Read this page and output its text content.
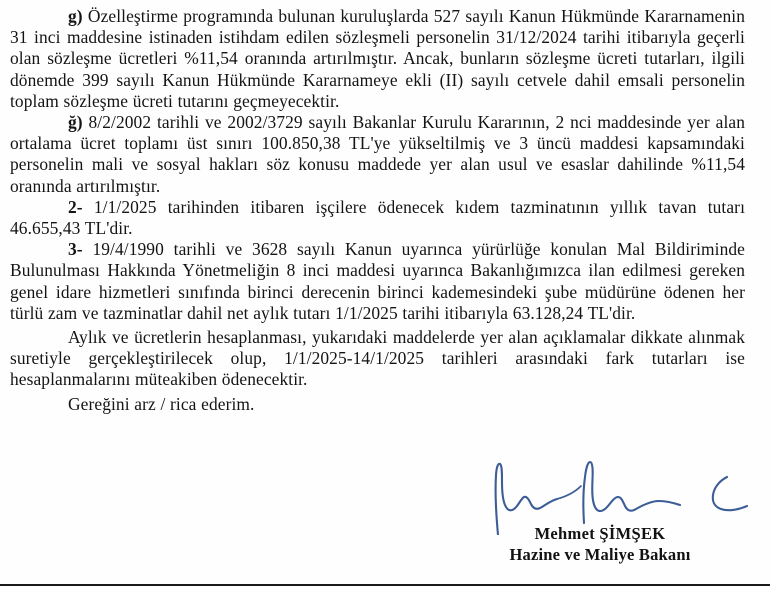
g) Özelleştirme programında bulunan kuruluşlarda 527 sayılı Kanun Hükmünde Kararnamenin 31 inci maddesine istinaden istihdam edilen sözleşmeli personelin 31/12/2024 tarihi itibarıyla geçerli olan sözleşme ücretleri %11,54 oranında artırılmıştır. Ancak, bunların sözleşme ücreti tutarları, ilgili dönemde 399 sayılı Kanun Hükmünde Kararnameye ekli (II) sayılı cetvele dahil emsali personelin toplam sözleşme ücreti tutarını geçmeyecektir.

ğ) 8/2/2002 tarihli ve 2002/3729 sayılı Bakanlar Kurulu Kararının, 2 nci maddesinde yer alan ortalama ücret toplamı üst sınırı 100.850,38 TL'ye yükseltilmiş ve 3 üncü maddesi kapsamındaki personelin mali ve sosyal hakları söz konusu maddede yer alan usul ve esaslar dahilinde %11,54 oranında artırılmıştır.

2- 1/1/2025 tarihinden itibaren işçilere ödenecek kıdem tazminatının yıllık tavan tutarı 46.655,43 TL'dir.

3- 19/4/1990 tarihli ve 3628 sayılı Kanun uyarınca yürürlüğe konulan Mal Bildiriminde Bulunulması Hakkında Yönetmeliğin 8 inci maddesi uyarınca Bakanlığımızca ilan edilmesi gereken genel idare hizmetleri sınıfında birinci derecenin birinci kademesindeki şube müdürüne ödenen her türlü zam ve tazminatlar dahil net aylık tutarı 1/1/2025 tarihi itibarıyla 63.128,24 TL'dir.

Aylık ve ücretlerin hesaplanması, yukarıdaki maddelerde yer alan açıklamalar dikkate alınmak suretiyle gerçekleştirilecek olup, 1/1/2025-14/1/2025 tarihleri arasındaki fark tutarları ise hesaplanmalarını müteakiben ödenecektir.

Gereğini arz / rica ederim.

Mehmet ŞİMŞEK
Hazine ve Maliye Bakanı
